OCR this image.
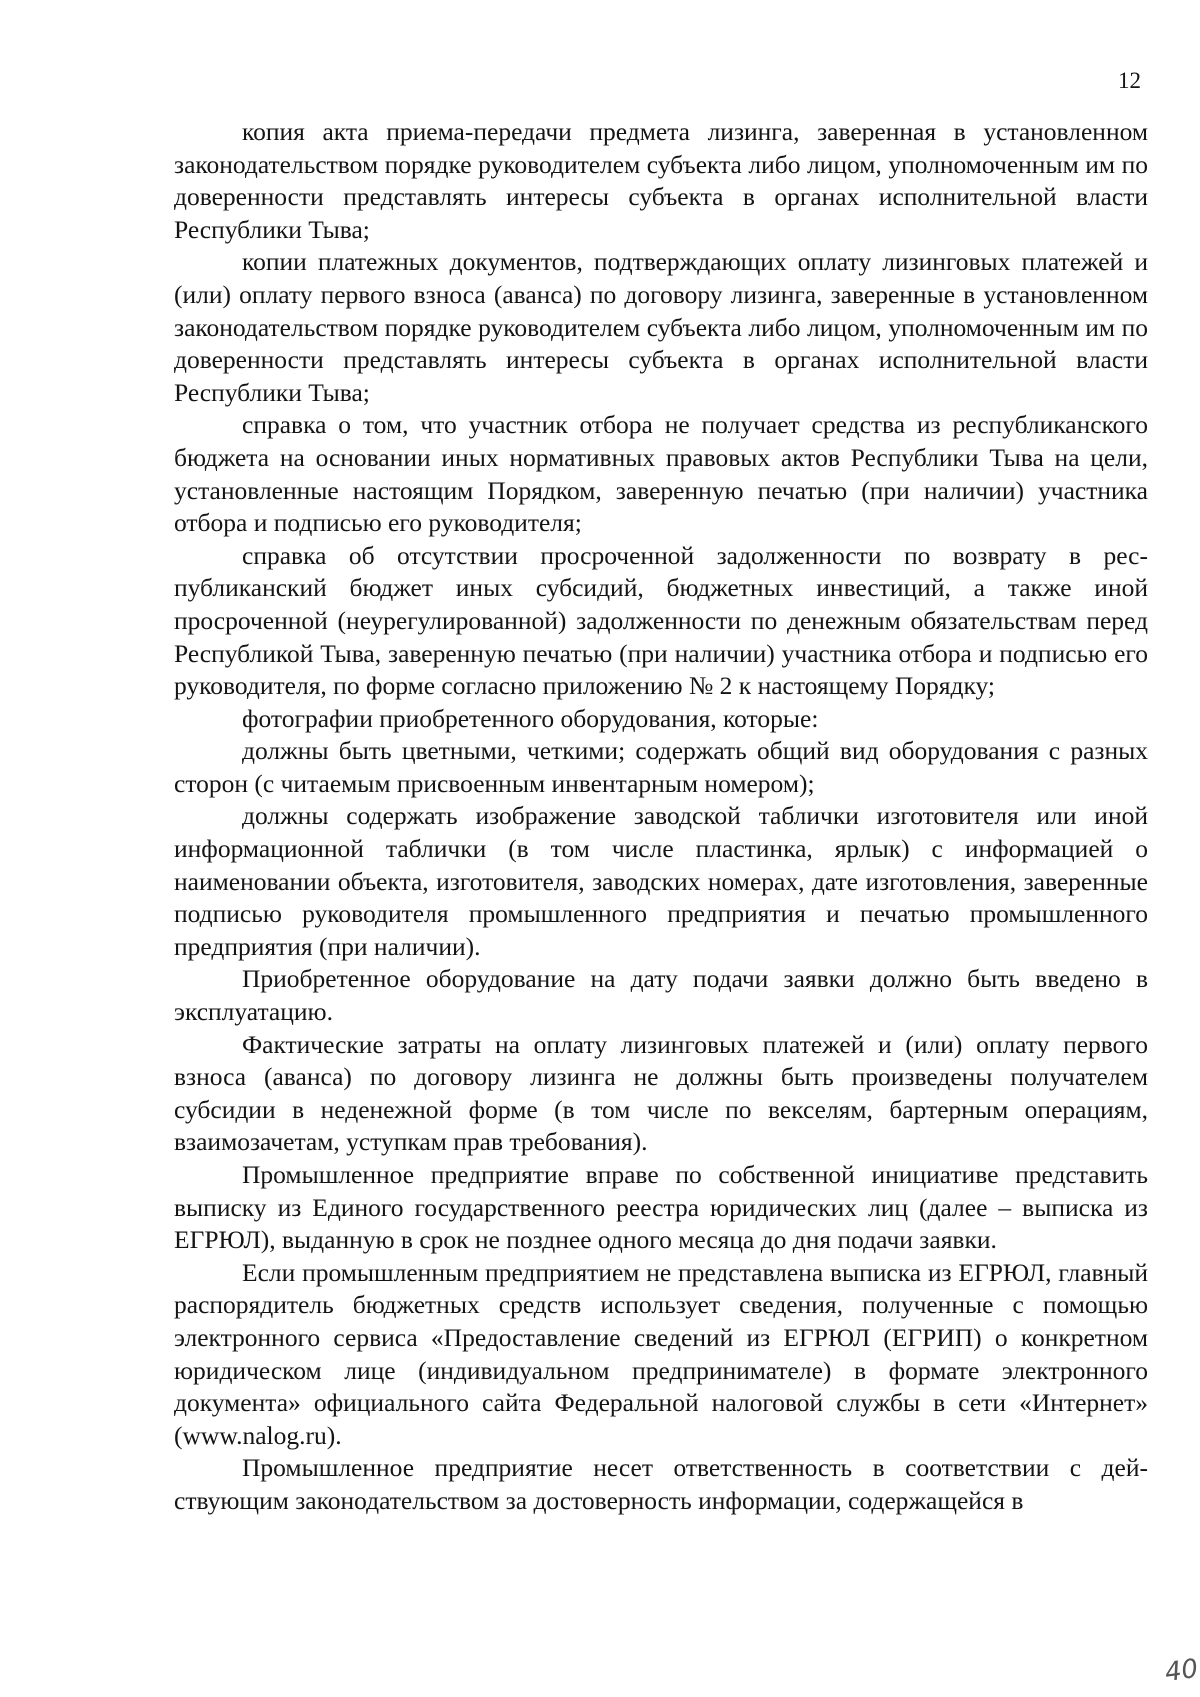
12

копия акта приема-передачи предмета лизинга, заверенная в установленном законодательством порядке руководителем субъекта либо лицом, уполномоченным им по доверенности представлять интересы субъекта в органах исполнительной власти Республики Тыва;

копии платежных документов, подтверждающих оплату лизинговых платежей и (или) оплату первого взноса (аванса) по договору лизинга, заверенные в установленном законодательством порядке руководителем субъекта либо лицом, уполномоченным им по доверенности представлять интересы субъекта в органах исполнительной власти Республики Тыва;

справка о том, что участник отбора не получает средства из республиканского бюджета на основании иных нормативных правовых актов Республики Тыва на цели, установленные настоящим Порядком, заверенную печатью (при наличии) участника отбора и подписью его руководителя;

справка об отсутствии просроченной задолженности по возврату в республиканский бюджет иных субсидий, бюджетных инвестиций, а также иной просроченной (неурегулированной) задолженности по денежным обязательствам перед Республикой Тыва, заверенную печатью (при наличии) участника отбора и подписью его руководителя, по форме согласно приложению № 2 к настоящему Порядку;

фотографии приобретенного оборудования, которые:

должны быть цветными, четкими; содержать общий вид оборудования с разных сторон (с читаемым присвоенным инвентарным номером);

должны содержать изображение заводской таблички изготовителя или иной информационной таблички (в том числе пластинка, ярлык) с информацией о наименовании объекта, изготовителя, заводских номерах, дате изготовления, заверенные подписью руководителя промышленного предприятия и печатью промышленного предприятия (при наличии).

Приобретенное оборудование на дату подачи заявки должно быть введено в эксплуатацию.

Фактические затраты на оплату лизинговых платежей и (или) оплату первого взноса (аванса) по договору лизинга не должны быть произведены получателем субсидии в неденежной форме (в том числе по векселям, бартерным операциям, взаимозачетам, уступкам прав требования).

Промышленное предприятие вправе по собственной инициативе представить выписку из Единого государственного реестра юридических лиц (далее – выписка из ЕГРЮЛ), выданную в срок не позднее одного месяца до дня подачи заявки.

Если промышленным предприятием не представлена выписка из ЕГРЮЛ, главный распорядитель бюджетных средств использует сведения, полученные с помощью электронного сервиса «Предоставление сведений из ЕГРЮЛ (ЕГРИП) о конкретном юридическом лице (индивидуальном предпринимателе) в формате электронного документа» официального сайта Федеральной налоговой службы в сети «Интернет» (www.nalog.ru).

Промышленное предприятие несет ответственность в соответствии с действующим законодательством за достоверность информации, содержащейся в

40
